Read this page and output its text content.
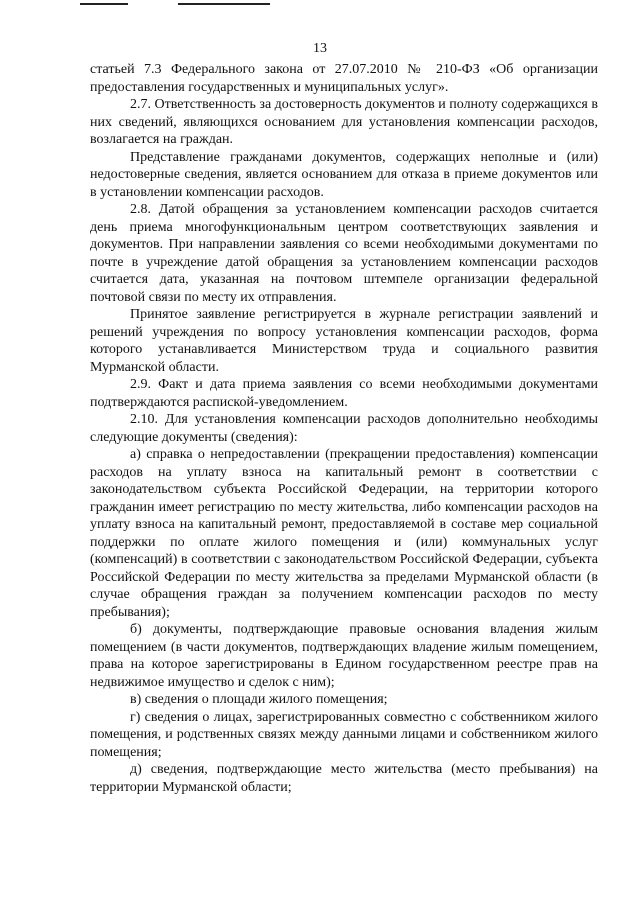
13

статьей 7.3 Федерального закона от 27.07.2010 № 210-ФЗ «Об организации предоставления государственных и муниципальных услуг».

2.7. Ответственность за достоверность документов и полноту содержащихся в них сведений, являющихся основанием для установления компенсации расходов, возлагается на граждан.

Представление гражданами документов, содержащих неполные и (или) недостоверные сведения, является основанием для отказа в приеме документов или в установлении компенсации расходов.

2.8. Датой обращения за установлением компенсации расходов считается день приема многофункциональным центром соответствующих заявления и документов. При направлении заявления со всеми необходимыми документами по почте в учреждение датой обращения за установлением компенсации расходов считается дата, указанная на почтовом штемпеле организации федеральной почтовой связи по месту их отправления.

Принятое заявление регистрируется в журнале регистрации заявлений и решений учреждения по вопросу установления компенсации расходов, форма которого устанавливается Министерством труда и социального развития Мурманской области.

2.9. Факт и дата приема заявления со всеми необходимыми документами подтверждаются распиской-уведомлением.

2.10. Для установления компенсации расходов дополнительно необходимы следующие документы (сведения):

а) справка о непредоставлении (прекращении предоставления) компенсации расходов на уплату взноса на капитальный ремонт в соответствии с законодательством субъекта Российской Федерации, на территории которого гражданин имеет регистрацию по месту жительства, либо компенсации расходов на уплату взноса на капитальный ремонт, предоставляемой в составе мер социальной поддержки по оплате жилого помещения и (или) коммунальных услуг (компенсаций) в соответствии с законодательством Российской Федерации, субъекта Российской Федерации по месту жительства за пределами Мурманской области (в случае обращения граждан за получением компенсации расходов по месту пребывания);

б) документы, подтверждающие правовые основания владения жилым помещением (в части документов, подтверждающих владение жилым помещением, права на которое зарегистрированы в Едином государственном реестре прав на недвижимое имущество и сделок с ним);

в) сведения о площади жилого помещения;

г) сведения о лицах, зарегистрированных совместно с собственником жилого помещения, и родственных связях между данными лицами и собственником жилого помещения;

д) сведения, подтверждающие место жительства (место пребывания) на территории Мурманской области;
